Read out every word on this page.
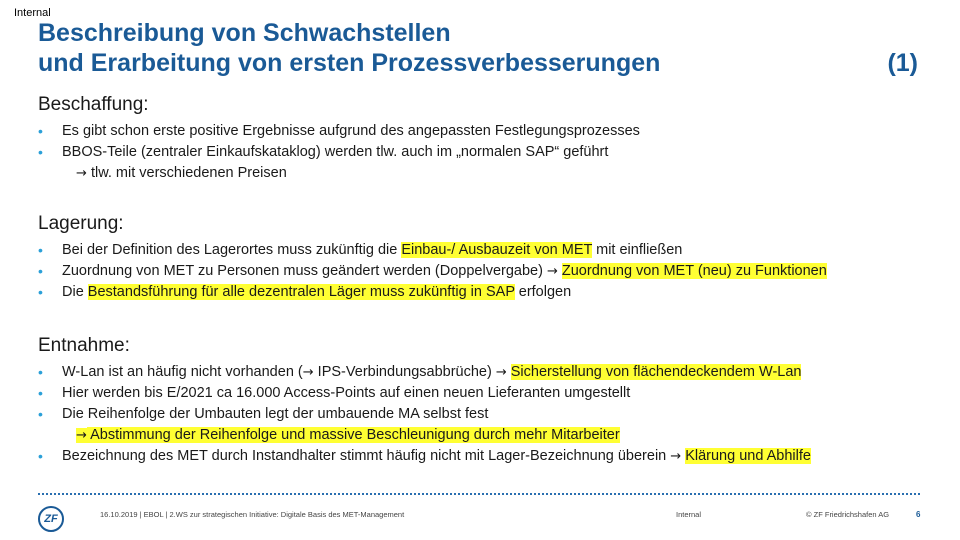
Internal
Beschreibung von Schwachstellen
und Erarbeitung von ersten Prozessverbesserungen	(1)
Beschaffung:
• Es gibt schon erste positive Ergebnisse aufgrund des angepassten Festlegungsprozesses
• BBOS-Teile (zentraler Einkaufskataklog) werden tlw. auch im „normalen SAP“ geführt
→ tlw. mit verschiedenen Preisen
Lagerung:
• Bei der Definition des Lagerortes muss zukünftig die Einbau-/ Ausbauzeit von MET mit einfließen
• Zuordnung von MET zu Personen muss geändert werden (Doppelvergabe) → Zuordnung von MET (neu) zu Funktionen
• Die Bestandsführung für alle dezentralen Läger muss zukünftig in SAP erfolgen
Entnahme:
• W-Lan ist an häufig nicht vorhanden (→ IPS-Verbindungsabbrüche) → Sicherstellung von flächendeckendem W-Lan
• Hier werden bis E/2021 ca 16.000 Access-Points auf einen neuen Lieferanten umgestellt
• Die Reihenfolge der Umbauten legt der umbauende MA selbst fest
→ Abstimmung der Reihenfolge und massive Beschleunigung durch mehr Mitarbeiter
• Bezeichnung des MET durch Instandhalter stimmt häufig nicht mit Lager-Bezeichnung überein → Klärung und Abhilfe
ZF	16.10.2019 | EBOL | 2.WS zur strategischen Initiative: Digitale Basis des MET-Management	Internal	© ZF Friedrichshafen AG	6
